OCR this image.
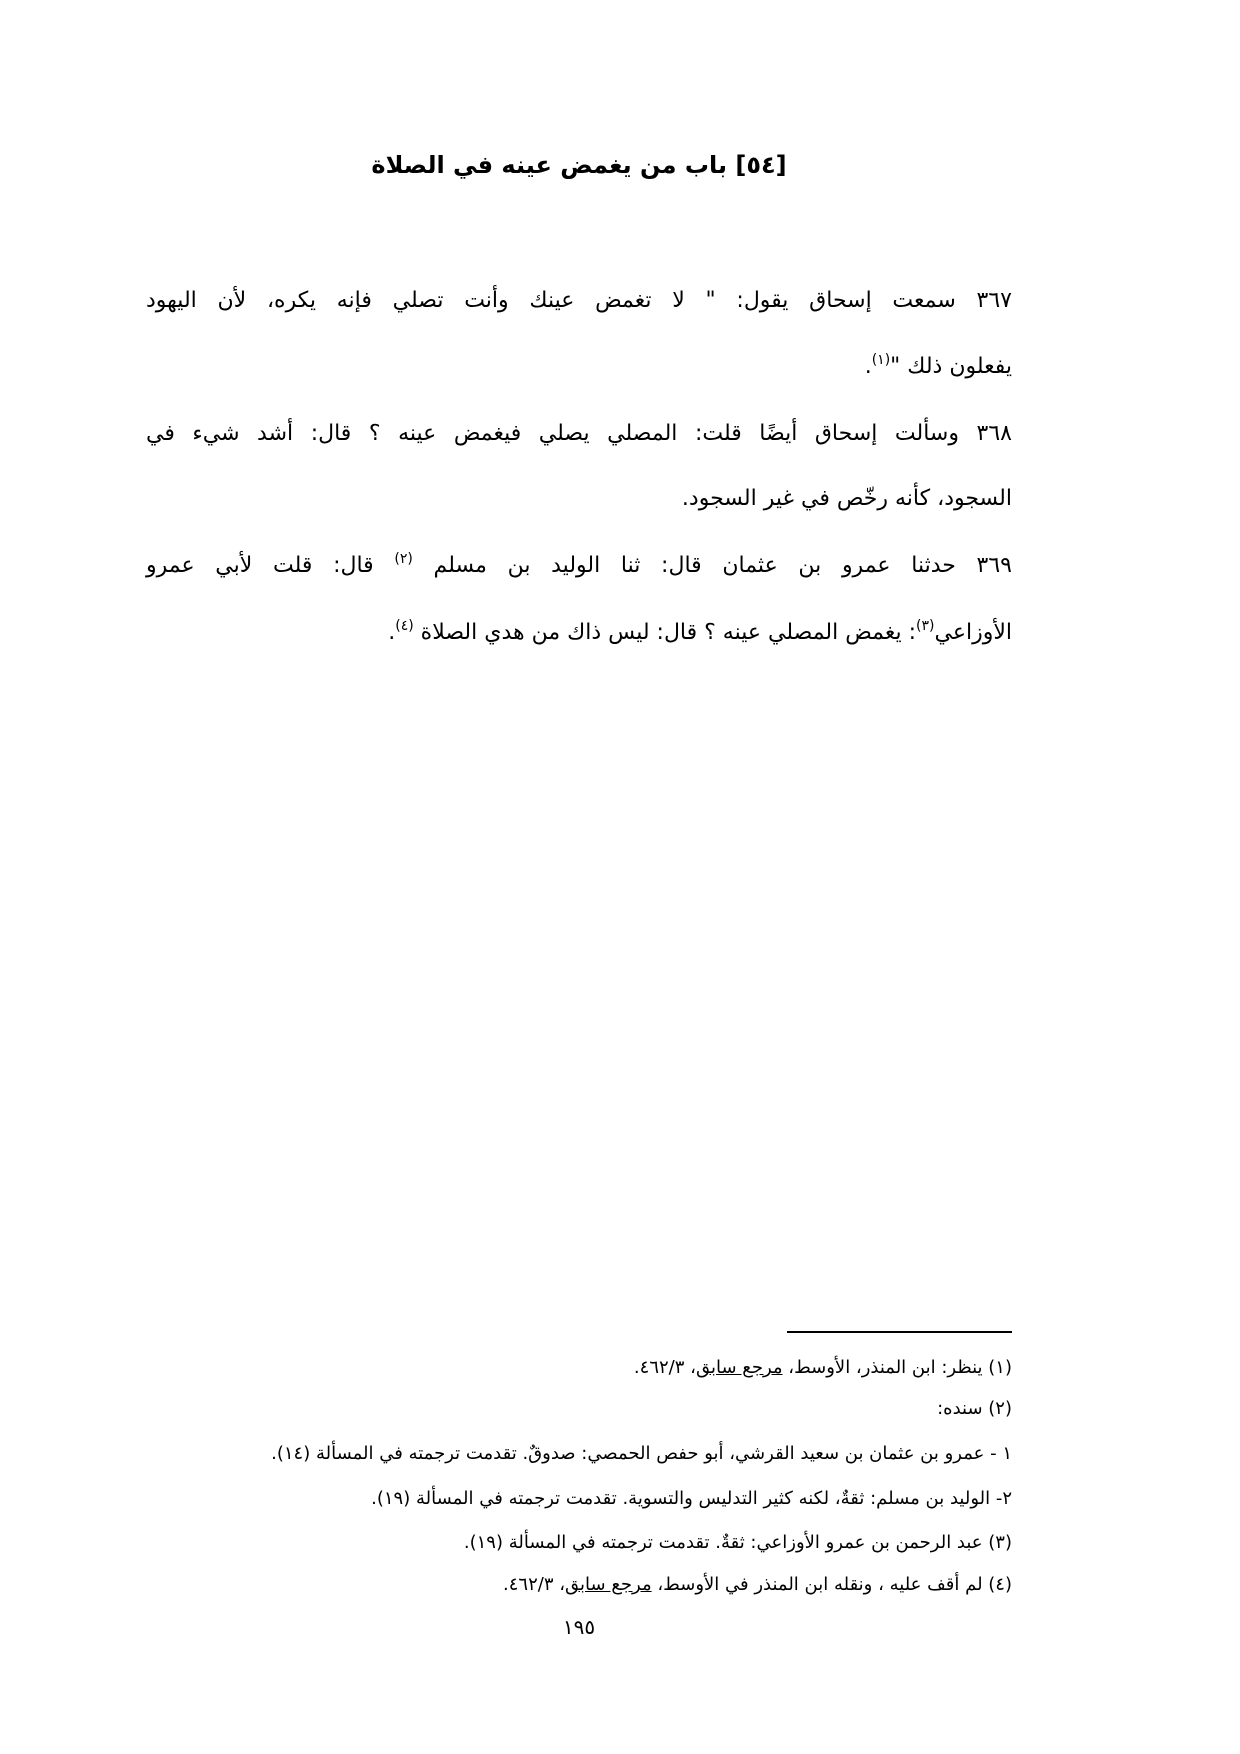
[٥٤] باب من يغمض عينه في الصلاة
٣٦٧ سمعت إسحاق يقول: " لا تغمض عينك وأنت تصلي فإنه يكره، لأن اليهود
يفعلون ذلك "$^{(١)}$.
٣٦٨ وسألت إسحاق أيضًا قلت: المصلي يصلي فيغمض عينه ؟ قال: أشد شيء في
السجود، كأنه رخّص في غير السجود.
٣٦٩ حدثنا عمرو بن عثمان قال: ثنا الوليد بن مسلم $^{(٢)}$ قال: قلت لأبي عمرو
الأوزاعي$^{(٣)}$: يغمض المصلي عينه ؟ قال: ليس ذاك من هدي الصلاة $^{(٤)}$.
(١) ينظر: ابن المنذر، الأوسط، مرجع سابق، ٤٦٢/٣.
(٢) سنده:
١ - عمرو بن عثمان بن سعيد القرشي، أبو حفص الحمصي: صدوقٌ. تقدمت ترجمته في المسألة (١٤).
٢- الوليد بن مسلم: ثقةٌ، لكنه كثير التدليس والتسوية. تقدمت ترجمته في المسألة (١٩).
(٣) عبد الرحمن بن عمرو الأوزاعي: ثقةٌ. تقدمت ترجمته في المسألة (١٩).
(٤) لم أقف عليه ، ونقله ابن المنذر في الأوسط، مرجع سابق، ٤٦٢/٣.
١٩٥
